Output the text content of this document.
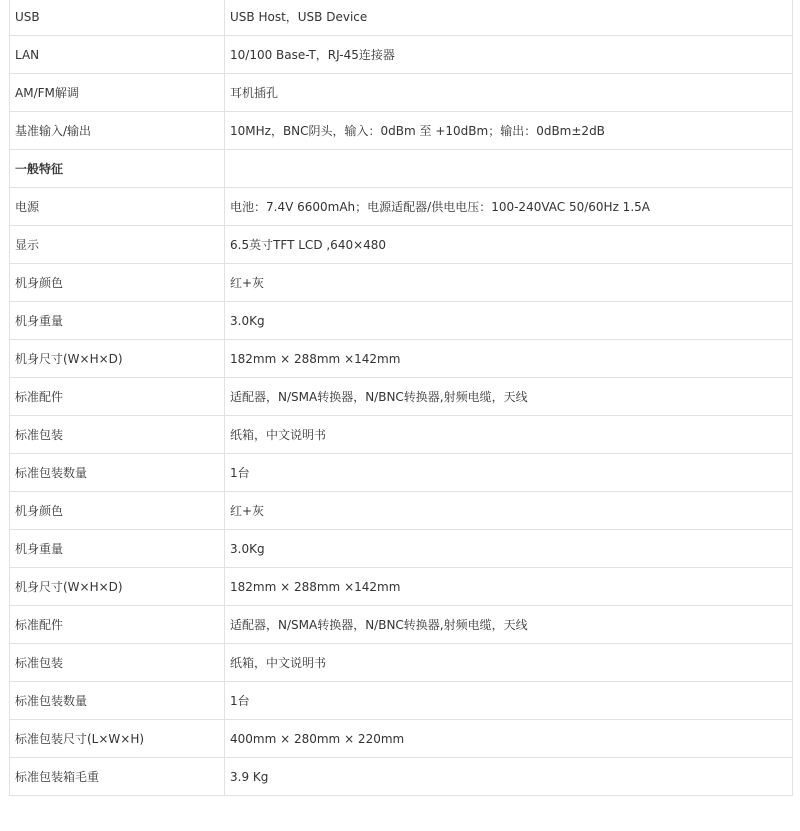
USB	USB Host，USB Device
LAN	10/100 Base-T，RJ-45连接器
AM/FM解调	耳机插孔
基准输入/输出	10MHz，BNC阴头，输入：0dBm 至 +10dBm；输出：0dBm±2dB
一般特征	
电源	电池：7.4V 6600mAh；电源适配器/供电电压：100-240VAC 50/60Hz 1.5A
显示	6.5英寸TFT LCD ,640×480
机身颜色	红+灰
机身重量	3.0Kg
机身尺寸(W×H×D)	182mm × 288mm ×142mm
标准配件	适配器，N/SMA转换器，N/BNC转换器,射频电缆，天线
标准包装	纸箱，中文说明书
标准包装数量	1台
机身颜色	红+灰
机身重量	3.0Kg
机身尺寸(W×H×D)	182mm × 288mm ×142mm
标准配件	适配器，N/SMA转换器，N/BNC转换器,射频电缆，天线
标准包装	纸箱，中文说明书
标准包装数量	1台
标准包装尺寸(L×W×H)	400mm × 280mm × 220mm
标准包装箱毛重	3.9 Kg
